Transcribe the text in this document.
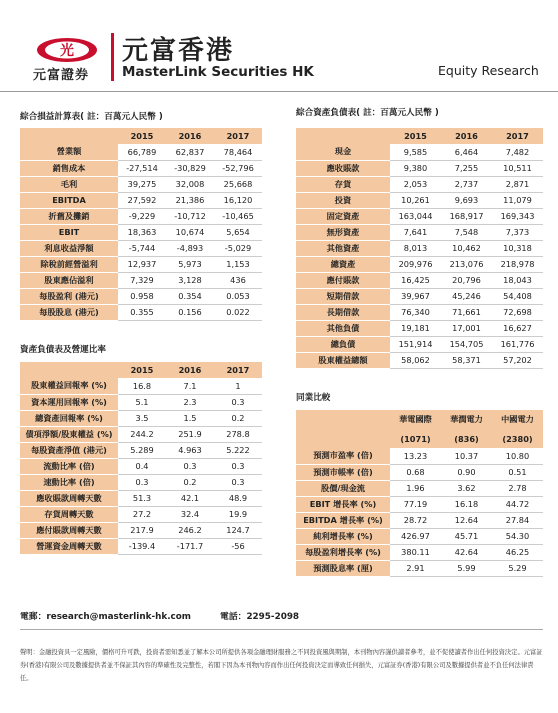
光
元富證券
元富香港
MasterLink Securities HK	Equity Research
綜合損益計算表( 註：百萬元人民幣 )
	2015	2016	2017
營業額	66,789	62,837	78,464
銷售成本	-27,514	-30,829	-52,796
毛利	39,275	32,008	25,668
EBITDA	27,592	21,386	16,120
折舊及攤銷	-9,229	-10,712	-10,465
EBIT	18,363	10,674	5,654
利息收益淨額	-5,744	-4,893	-5,029
除稅前經營溢利	12,937	5,973	1,153
股東應佔溢利	7,329	3,128	436
每股盈利 (港元)	0.958	0.354	0.053
每股股息 (港元)	0.355	0.156	0.022
資產負債表及營運比率
	2015	2016	2017
股東權益回報率 (%)	16.8	7.1	1
資本運用回報率 (%)	5.1	2.3	0.3
總資產回報率 (%)	3.5	1.5	0.2
債項淨額/股東權益 (%)	244.2	251.9	278.8
每股資產淨值 (港元)	5.289	4.963	5.222
流動比率 (倍)	0.4	0.3	0.3
速動比率 (倍)	0.3	0.2	0.3
應收賬款周轉天數	51.3	42.1	48.9
存貨周轉天數	27.2	32.4	19.9
應付賬款周轉天數	217.9	246.2	124.7
營運資金周轉天數	-139.4	-171.7	-56
綜合資產負債表( 註：百萬元人民幣 )
	2015	2016	2017
現金	9,585	6,464	7,482
應收賬款	9,380	7,255	10,511
存貨	2,053	2,737	2,871
投資	10,261	9,693	11,079
固定資產	163,044	168,917	169,343
無形資產	7,641	7,548	7,373
其他資產	8,013	10,462	10,318
總資產	209,976	213,076	218,978
應付賬款	16,425	20,796	18,043
短期借款	39,967	45,246	54,408
長期借款	76,340	71,661	72,698
其他負債	19,181	17,001	16,627
總負債	151,914	154,705	161,776
股東權益總額	58,062	58,371	57,202
同業比較
	華電國際	華潤電力	中國電力
	(1071)	(836)	(2380)
預測市盈率 (倍)	13.23	10.37	10.80
預測市帳率 (倍)	0.68	0.90	0.51
股價/現金流	1.96	3.62	2.78
EBIT 增長率 (%)	77.19	16.18	44.72
EBITDA 增長率 (%)	28.72	12.64	27.84
純利增長率 (%)	426.97	45.71	54.30
每股盈利增長率 (%)	380.11	42.64	46.25
預測股息率 (厘)	2.91	5.99	5.29
電郵：research@masterlink-hk.com	電話：2295-2098
聲明：金融投資具一定風險，價格可升可跌，投資者需知悉並了解本公司所提供各項金融理財服務之不同投資風與期制，本刊物內容謹供讀者參考，並不促使讀者作出任何投資決定。元富証券(香港)有限公司及數據提供者並不保証其內容的準確性及完整性，若閣下因為本刊物內容而作出任何投資決定而導致任何損失，元富証券(香港)有限公司及數據提供者並不負任何法律責任。
